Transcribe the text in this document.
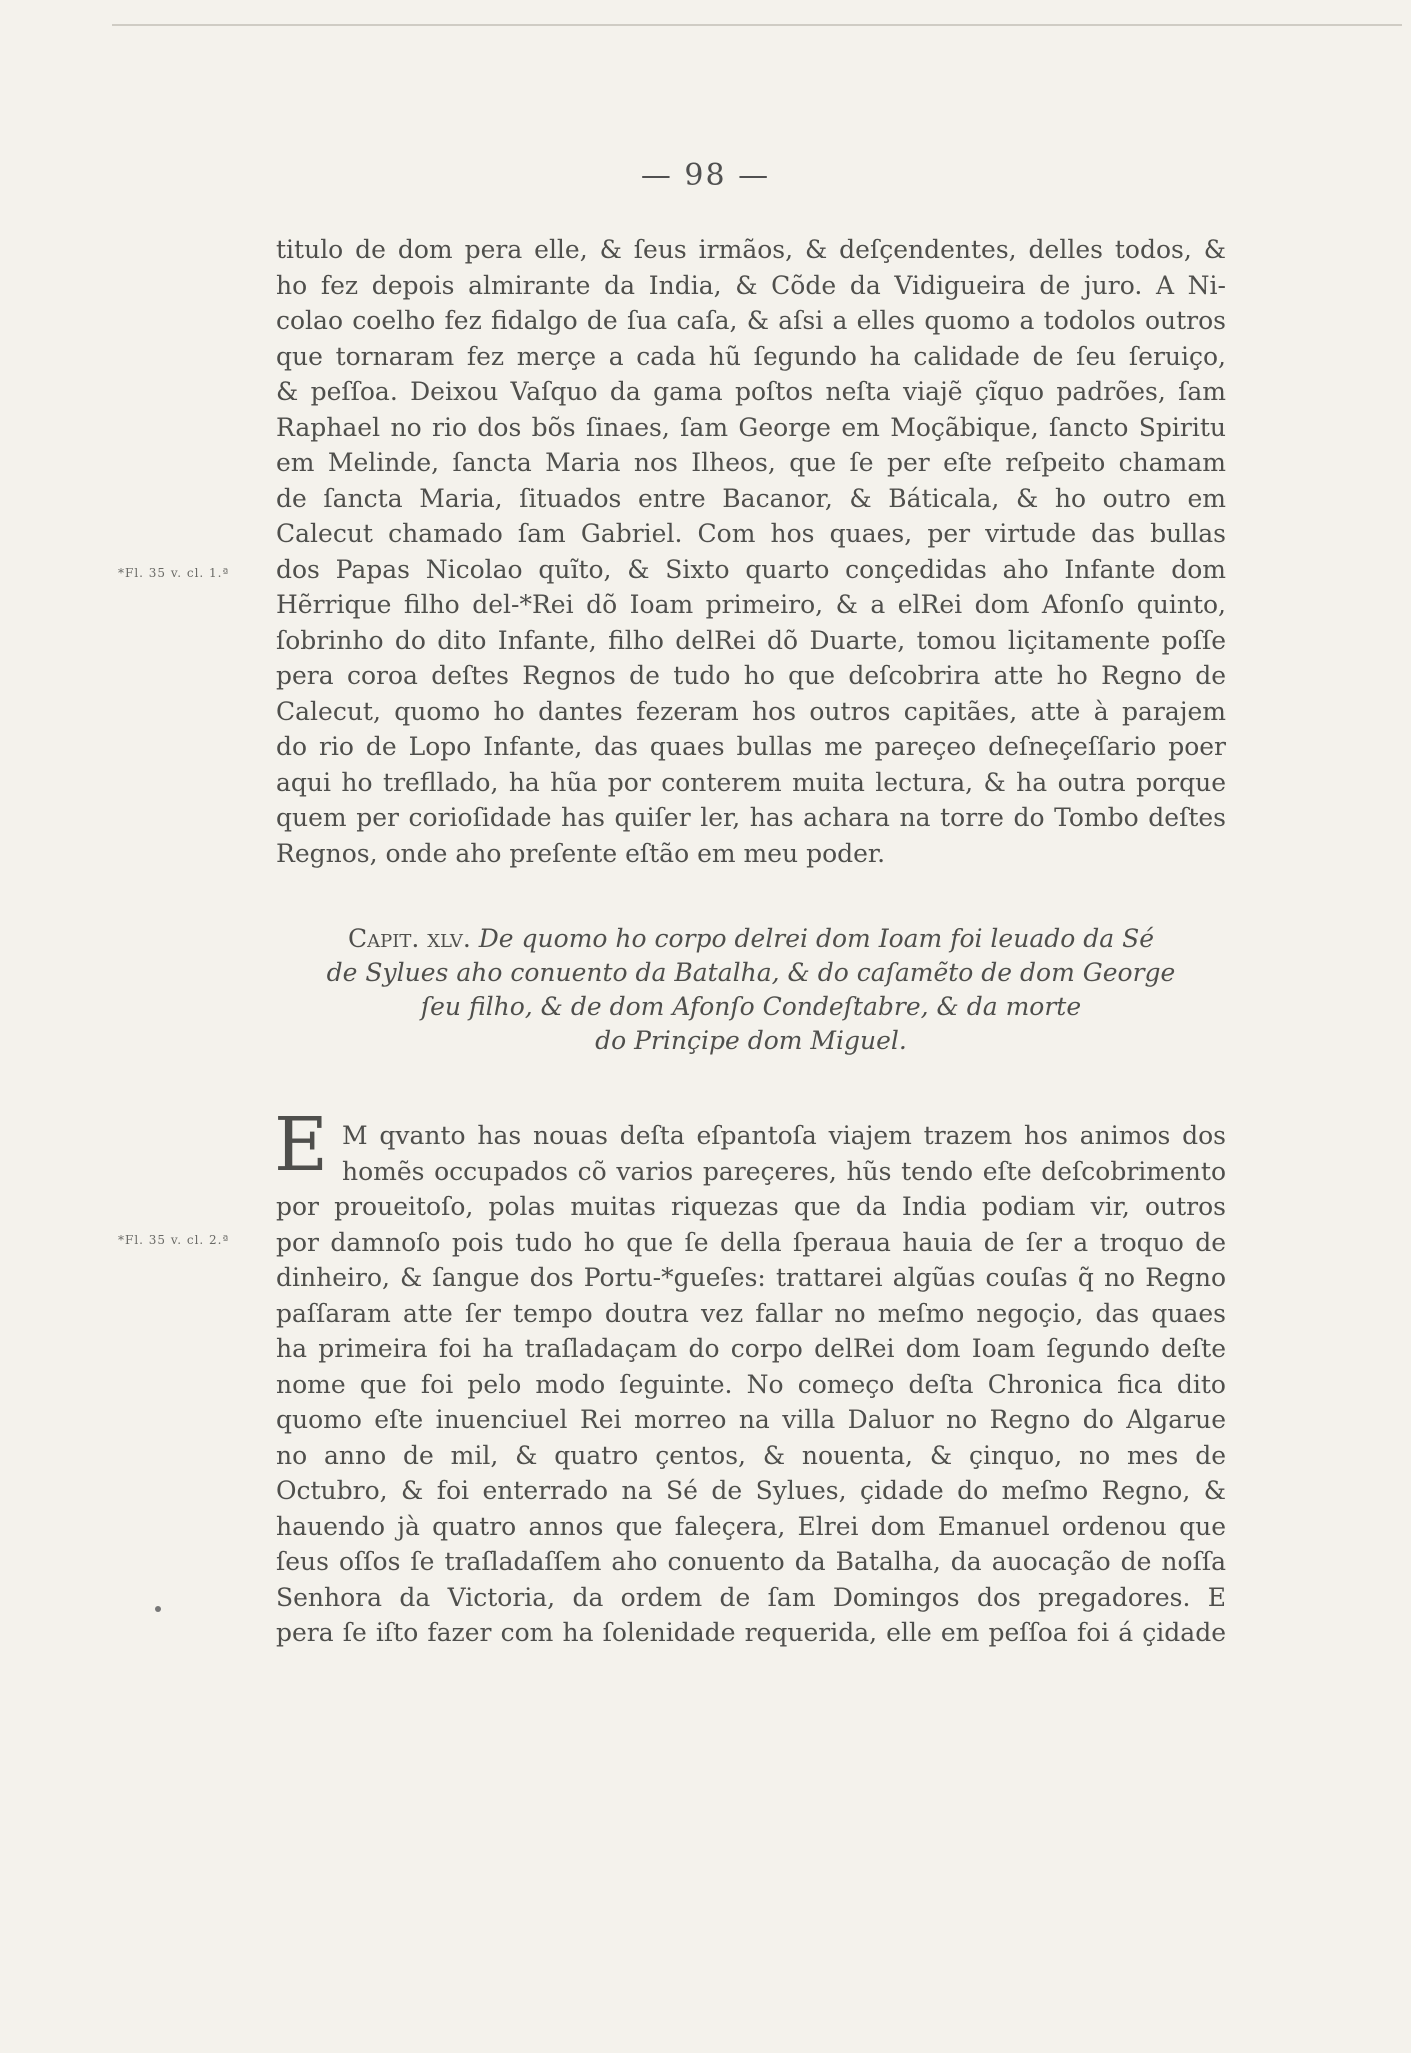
— 98 —
*Fl. 35 v. cl. 1.ª
*Fl. 35 v. cl. 2.ª
titulo de dom pera elle, & ſeus irmãos, & deſçendentes, delles todos, &
ho fez depois almirante da India, & Cõde da Vidigueira de juro. A Ni-
colao coelho fez fidalgo de ſua caſa, & aſsi a elles quomo a todolos outros
que tornaram fez merçe a cada hũ ſegundo ha calidade de ſeu ſeruiço,
& peſſoa. Deixou Vaſquo da gama poſtos neſta viajẽ çĩquo padrões, ſam
Raphael no rio dos bõs ſinaes, ſam George em Moçãbique, ſancto Spiritu
em Melinde, ſancta Maria nos Ilheos, que ſe per eſte reſpeito chamam
de ſancta Maria, ſituados entre Bacanor, & Báticala, & ho outro em
Calecut chamado ſam Gabriel. Com hos quaes, per virtude das bullas
dos Papas Nicolao quĩto, & Sixto quarto conçedidas aho Infante dom
Hẽrrique filho del-*Rei dõ Ioam primeiro, & a elRei dom Afonſo quinto,
ſobrinho do dito Infante, filho delRei dõ Duarte, tomou liçitamente poſſe
pera coroa deſtes Regnos de tudo ho que deſcobrira atte ho Regno de
Calecut, quomo ho dantes fezeram hos outros capitães, atte à parajem
do rio de Lopo Infante, das quaes bullas me pareçeo deſneçeſſario poer
aqui ho trefllado, ha hũa por conterem muita lectura, & ha outra porque
quem per corioſidade has quiſer ler, has achara na torre do Tombo deſtes
Regnos, onde aho preſente eſtão em meu poder.
Capit. xlv. De quomo ho corpo delrei dom Ioam foi leuado da Sé
de Sylues aho conuento da Batalha, & do caſamẽto de dom George
ſeu filho, & de dom Afonſo Condeſtabre, & da morte
do Prinçipe dom Miguel.
E M qvanto has nouas deſta eſpantoſa viajem trazem hos animos dos
homẽs occupados cõ varios pareçeres, hũs tendo eſte deſcobrimento
por proueitoſo, polas muitas riquezas que da India podiam vir, outros
por damnoſo pois tudo ho que ſe della ſperaua hauia de ſer a troquo de
dinheiro, & ſangue dos Portu-*gueſes: trattarei algũas couſas q̃ no Regno
paſſaram atte ſer tempo doutra vez fallar no meſmo negoçio, das quaes
ha primeira foi ha traſladaçam do corpo delRei dom Ioam ſegundo deſte
nome que foi pelo modo ſeguinte. No começo deſta Chronica fica dito
quomo eſte inuenciuel Rei morreo na villa Daluor no Regno do Algarue
no anno de mil, & quatro çentos, & nouenta, & çinquo, no mes de
Octubro, & foi enterrado na Sé de Sylues, çidade do meſmo Regno, &
hauendo jà quatro annos que faleçera, Elrei dom Emanuel ordenou que
ſeus oſſos ſe traſladaſſem aho conuento da Batalha, da auocação de noſſa
Senhora da Victoria, da ordem de ſam Domingos dos pregadores. E
pera ſe iſto fazer com ha ſolenidade requerida, elle em peſſoa foi á çidade
